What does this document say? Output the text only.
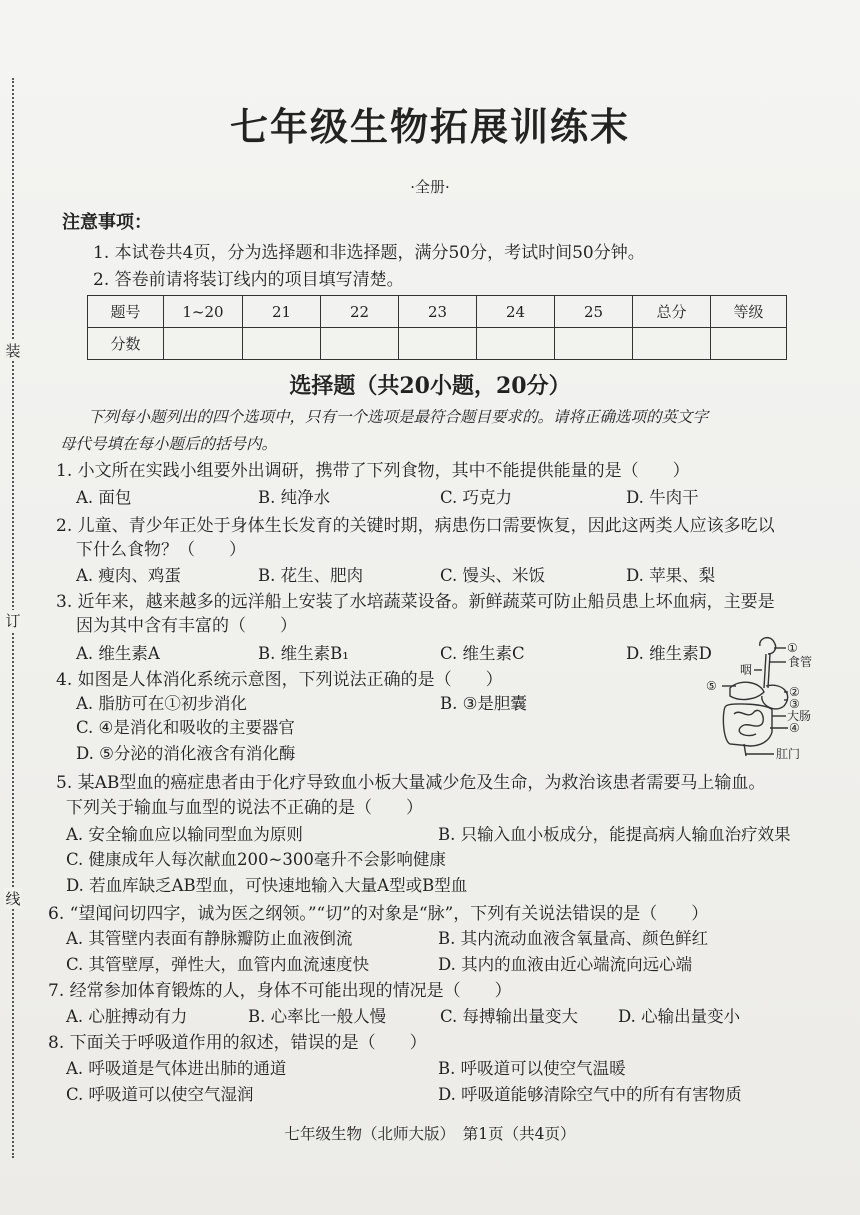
装
订
线
七年级生物拓展训练末
·全册·
注意事项：
1. 本试卷共4页，分为选择题和非选择题，满分50分，考试时间50分钟。
2. 答卷前请将装订线内的项目填写清楚。
题号	1~20	21	22	23	24	25	总分	等级
分数								
选择题（共20小题，20分）
下列每小题列出的四个选项中，只有一个选项是最符合题目要求的。请将正确选项的英文字
母代号填在每小题后的括号内。
1. 小文所在实践小组要外出调研，携带了下列食物，其中不能提供能量的是（　　）
A. 面包	B. 纯净水	C. 巧克力	D. 牛肉干
2. 儿童、青少年正处于身体生长发育的关键时期，病患伤口需要恢复，因此这两类人应该多吃以
下什么食物？（　　）
A. 瘦肉、鸡蛋	B. 花生、肥肉	C. 馒头、米饭	D. 苹果、梨
3. 近年来，越来越多的远洋船上安装了水培蔬菜设备。新鲜蔬菜可防止船员患上坏血病，主要是
因为其中含有丰富的（　　）
A. 维生素A	B. 维生素B₁	C. 维生素C	D. 维生素D
4. 如图是人体消化系统示意图，下列说法正确的是（　　）
A. 脂肪可在①初步消化	B. ③是胆囊
C. ④是消化和吸收的主要器官
D. ⑤分泌的消化液含有消化酶
①
食管
咽
②
③
大肠
④
⑤
肛门
5. 某AB型血的癌症患者由于化疗导致血小板大量减少危及生命，为救治该患者需要马上输血。
下列关于输血与血型的说法不正确的是（　　）
A. 安全输血应以输同型血为原则	B. 只输入血小板成分，能提高病人输血治疗效果
C. 健康成年人每次献血200~300毫升不会影响健康
D. 若血库缺乏AB型血，可快速地输入大量A型或B型血
6. “望闻问切四字，诚为医之纲领。”“切”的对象是“脉”，下列有关说法错误的是（　　）
A. 其管壁内表面有静脉瓣防止血液倒流	B. 其内流动血液含氧量高、颜色鲜红
C. 其管壁厚，弹性大，血管内血流速度快	D. 其内的血液由近心端流向远心端
7. 经常参加体育锻炼的人，身体不可能出现的情况是（　　）
A. 心脏搏动有力	B. 心率比一般人慢	C. 每搏输出量变大 D. 心输出量变小
8. 下面关于呼吸道作用的叙述，错误的是（　　）
A. 呼吸道是气体进出肺的通道	B. 呼吸道可以使空气温暖
C. 呼吸道可以使空气湿润	D. 呼吸道能够清除空气中的所有有害物质
七年级生物（北师大版）　第1页（共4页）
